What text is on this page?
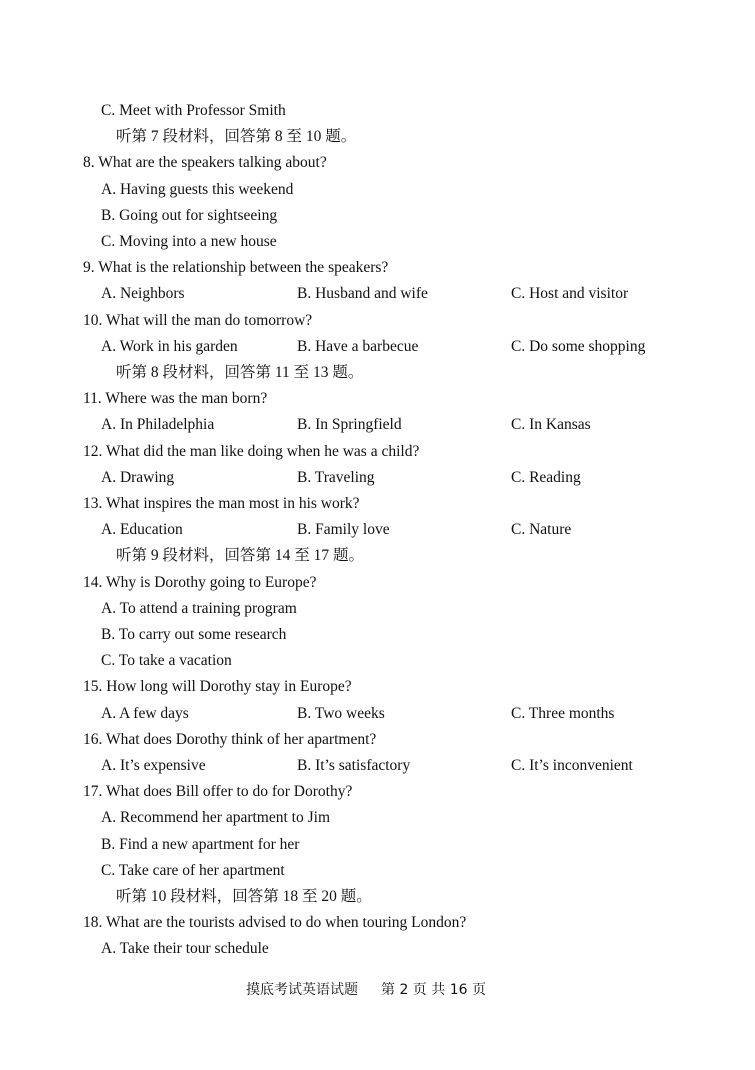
C. Meet with Professor Smith
听第 7 段材料，回答第 8 至 10 题。
8. What are the speakers talking about?
A. Having guests this weekend
B. Going out for sightseeing
C. Moving into a new house
9. What is the relationship between the speakers?
A. Neighbors	B. Husband and wife	C. Host and visitor
10. What will the man do tomorrow?
A. Work in his garden	B. Have a barbecue	C. Do some shopping
听第 8 段材料，回答第 11 至 13 题。
11. Where was the man born?
A. In Philadelphia	B. In Springfield	C. In Kansas
12. What did the man like doing when he was a child?
A. Drawing	B. Traveling	C. Reading
13. What inspires the man most in his work?
A. Education	B. Family love	C. Nature
听第 9 段材料，回答第 14 至 17 题。
14. Why is Dorothy going to Europe?
A. To attend a training program
B. To carry out some research
C. To take a vacation
15. How long will Dorothy stay in Europe?
A. A few days	B. Two weeks	C. Three months
16. What does Dorothy think of her apartment?
A. It’s expensive	B. It’s satisfactory	C. It’s inconvenient
17. What does Bill offer to do for Dorothy?
A. Recommend her apartment to Jim
B. Find a new apartment for her
C. Take care of her apartment
听第 10 段材料，回答第 18 至 20 题。
18. What are the tourists advised to do when touring London?
A. Take their tour schedule
摸底考试英语试题 第 2 页 共 16 页
